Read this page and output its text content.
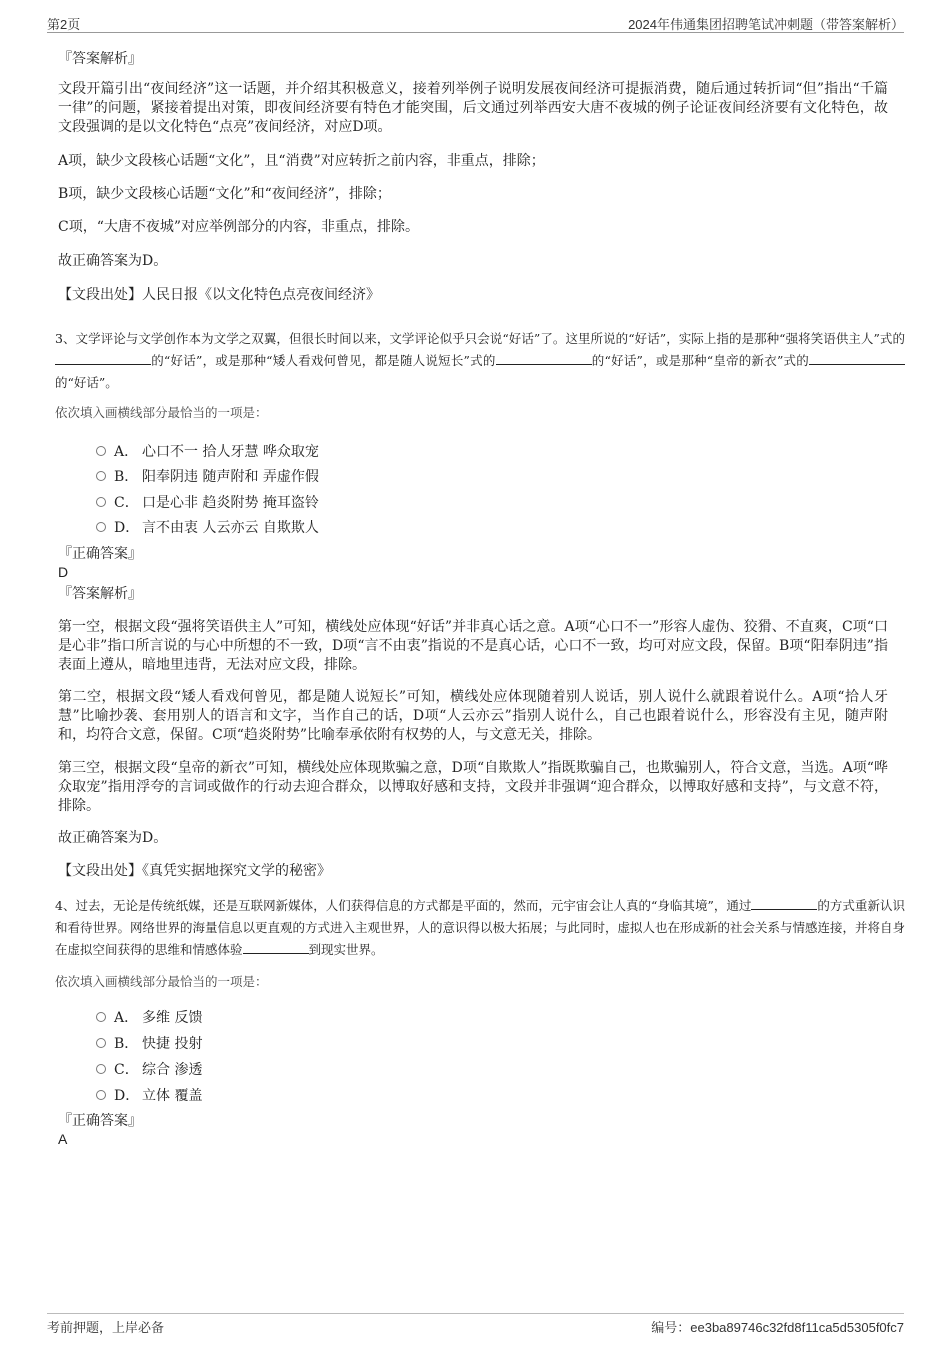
第2页	2024年伟通集团招聘笔试冲刺题（带答案解析）
『答案解析』
文段开篇引出“夜间经济”这一话题，并介绍其积极意义，接着列举例子说明发展夜间经济可提振消费，随后通过转折词“但”指出“千篇一律”的问题，紧接着提出对策，即夜间经济要有特色才能突围，后文通过列举西安大唐不夜城的例子论证夜间经济要有文化特色，故文段强调的是以文化特色“点亮”夜间经济，对应D项。
A项，缺少文段核心话题“文化”，且“消费”对应转折之前内容，非重点，排除；
B项，缺少文段核心话题“文化”和“夜间经济”，排除；
C项，“大唐不夜城”对应举例部分的内容，非重点，排除。
故正确答案为D。
【文段出处】人民日报《以文化特色点亮夜间经济》
3、文学评论与文学创作本为文学之双翼，但很长时间以来，文学评论似乎只会说“好话”了。这里所说的“好话”，实际上指的是那种“强将笑语供主人”式的的“好话”，或是那种“矮人看戏何曾见，都是随人说短长”式的	的“好话”，或是那种“皇帝的新衣”式的的“好话”。
依次填入画横线部分最恰当的一项是：
A． 心口不一 拾人牙慧 哗众取宠
B． 阳奉阴违 随声附和 弄虚作假
C． 口是心非 趋炎附势 掩耳盗铃
D． 言不由衷 人云亦云 自欺欺人
『正确答案』
D
『答案解析』
第一空，根据文段“强将笑语供主人”可知，横线处应体现“好话”并非真心话之意。A项“心口不一”形容人虚伪、狡猾、不直爽，C项“口是心非”指口所言说的与心中所想的不一致，D项“言不由衷”指说的不是真心话，心口不一致，均可对应文段，保留。B项“阳奉阴违”指表面上遵从，暗地里违背，无法对应文段，排除。
第二空，根据文段“矮人看戏何曾见，都是随人说短长”可知，横线处应体现随着别人说话，别人说什么就跟着说什么。A项“拾人牙慧”比喻抄袭、套用别人的语言和文字，当作自己的话，D项“人云亦云”指别人说什么，自己也跟着说什么，形容没有主见，随声附和，均符合文意，保留。C项“趋炎附势”比喻奉承依附有权势的人，与文意无关，排除。
第三空，根据文段“皇帝的新衣”可知，横线处应体现欺骗之意，D项“自欺欺人”指既欺骗自己，也欺骗别人，符合文意，当选。A项“哗众取宠”指用浮夸的言词或做作的行动去迎合群众，以博取好感和支持，文段并非强调“迎合群众，以博取好感和支持”，与文意不符，排除。
故正确答案为D。
【文段出处】《真凭实据地探究文学的秘密》
4、过去，无论是传统纸媒，还是互联网新媒体，人们获得信息的方式都是平面的，然而，元宇宙会让人真的“身临其境”，通过	的方式重新认识和看待世界。网络世界的海量信息以更直观的方式进入主观世界，人的意识得以极大拓展；与此同时，虚拟人也在形成新的社会关系与情感连接，并将自身在虚拟空间获得的思维和情感体验	到现实世界。
依次填入画横线部分最恰当的一项是：
A． 多维 反馈
B． 快捷 投射
C． 综合 渗透
D． 立体 覆盖
『正确答案』
A
考前押题，上岸必备	编号：ee3ba89746c32fd8f11ca5d5305f0fc7
